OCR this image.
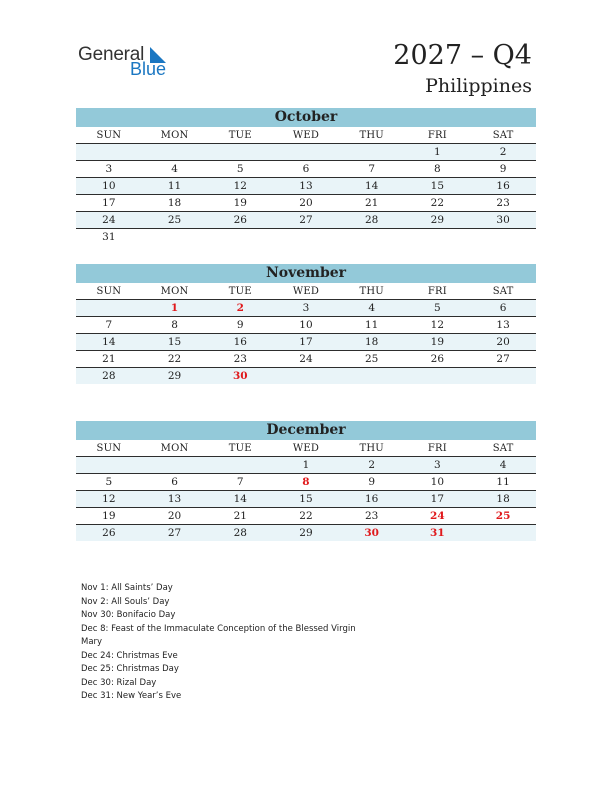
General
Blue	2027 – Q4
Philippines
October
SUN	MON	TUE	WED	THU	FRI	SAT
					1	2
3	4	5	6	7	8	9
10	11	12	13	14	15	16
17	18	19	20	21	22	23
24	25	26	27	28	29	30
31						
November
SUN	MON	TUE	WED	THU	FRI	SAT
	1	2	3	4	5	6
7	8	9	10	11	12	13
14	15	16	17	18	19	20
21	22	23	24	25	26	27
28	29	30				
December
SUN	MON	TUE	WED	THU	FRI	SAT
			1	2	3	4
5	6	7	8	9	10	11
12	13	14	15	16	17	18
19	20	21	22	23	24	25
26	27	28	29	30	31	
Nov 1: All Saints’ Day
Nov 2: All Souls’ Day
Nov 30: Bonifacio Day
Dec 8: Feast of the Immaculate Conception of the Blessed Virgin
Mary
Dec 24: Christmas Eve
Dec 25: Christmas Day
Dec 30: Rizal Day
Dec 31: New Year’s Eve
